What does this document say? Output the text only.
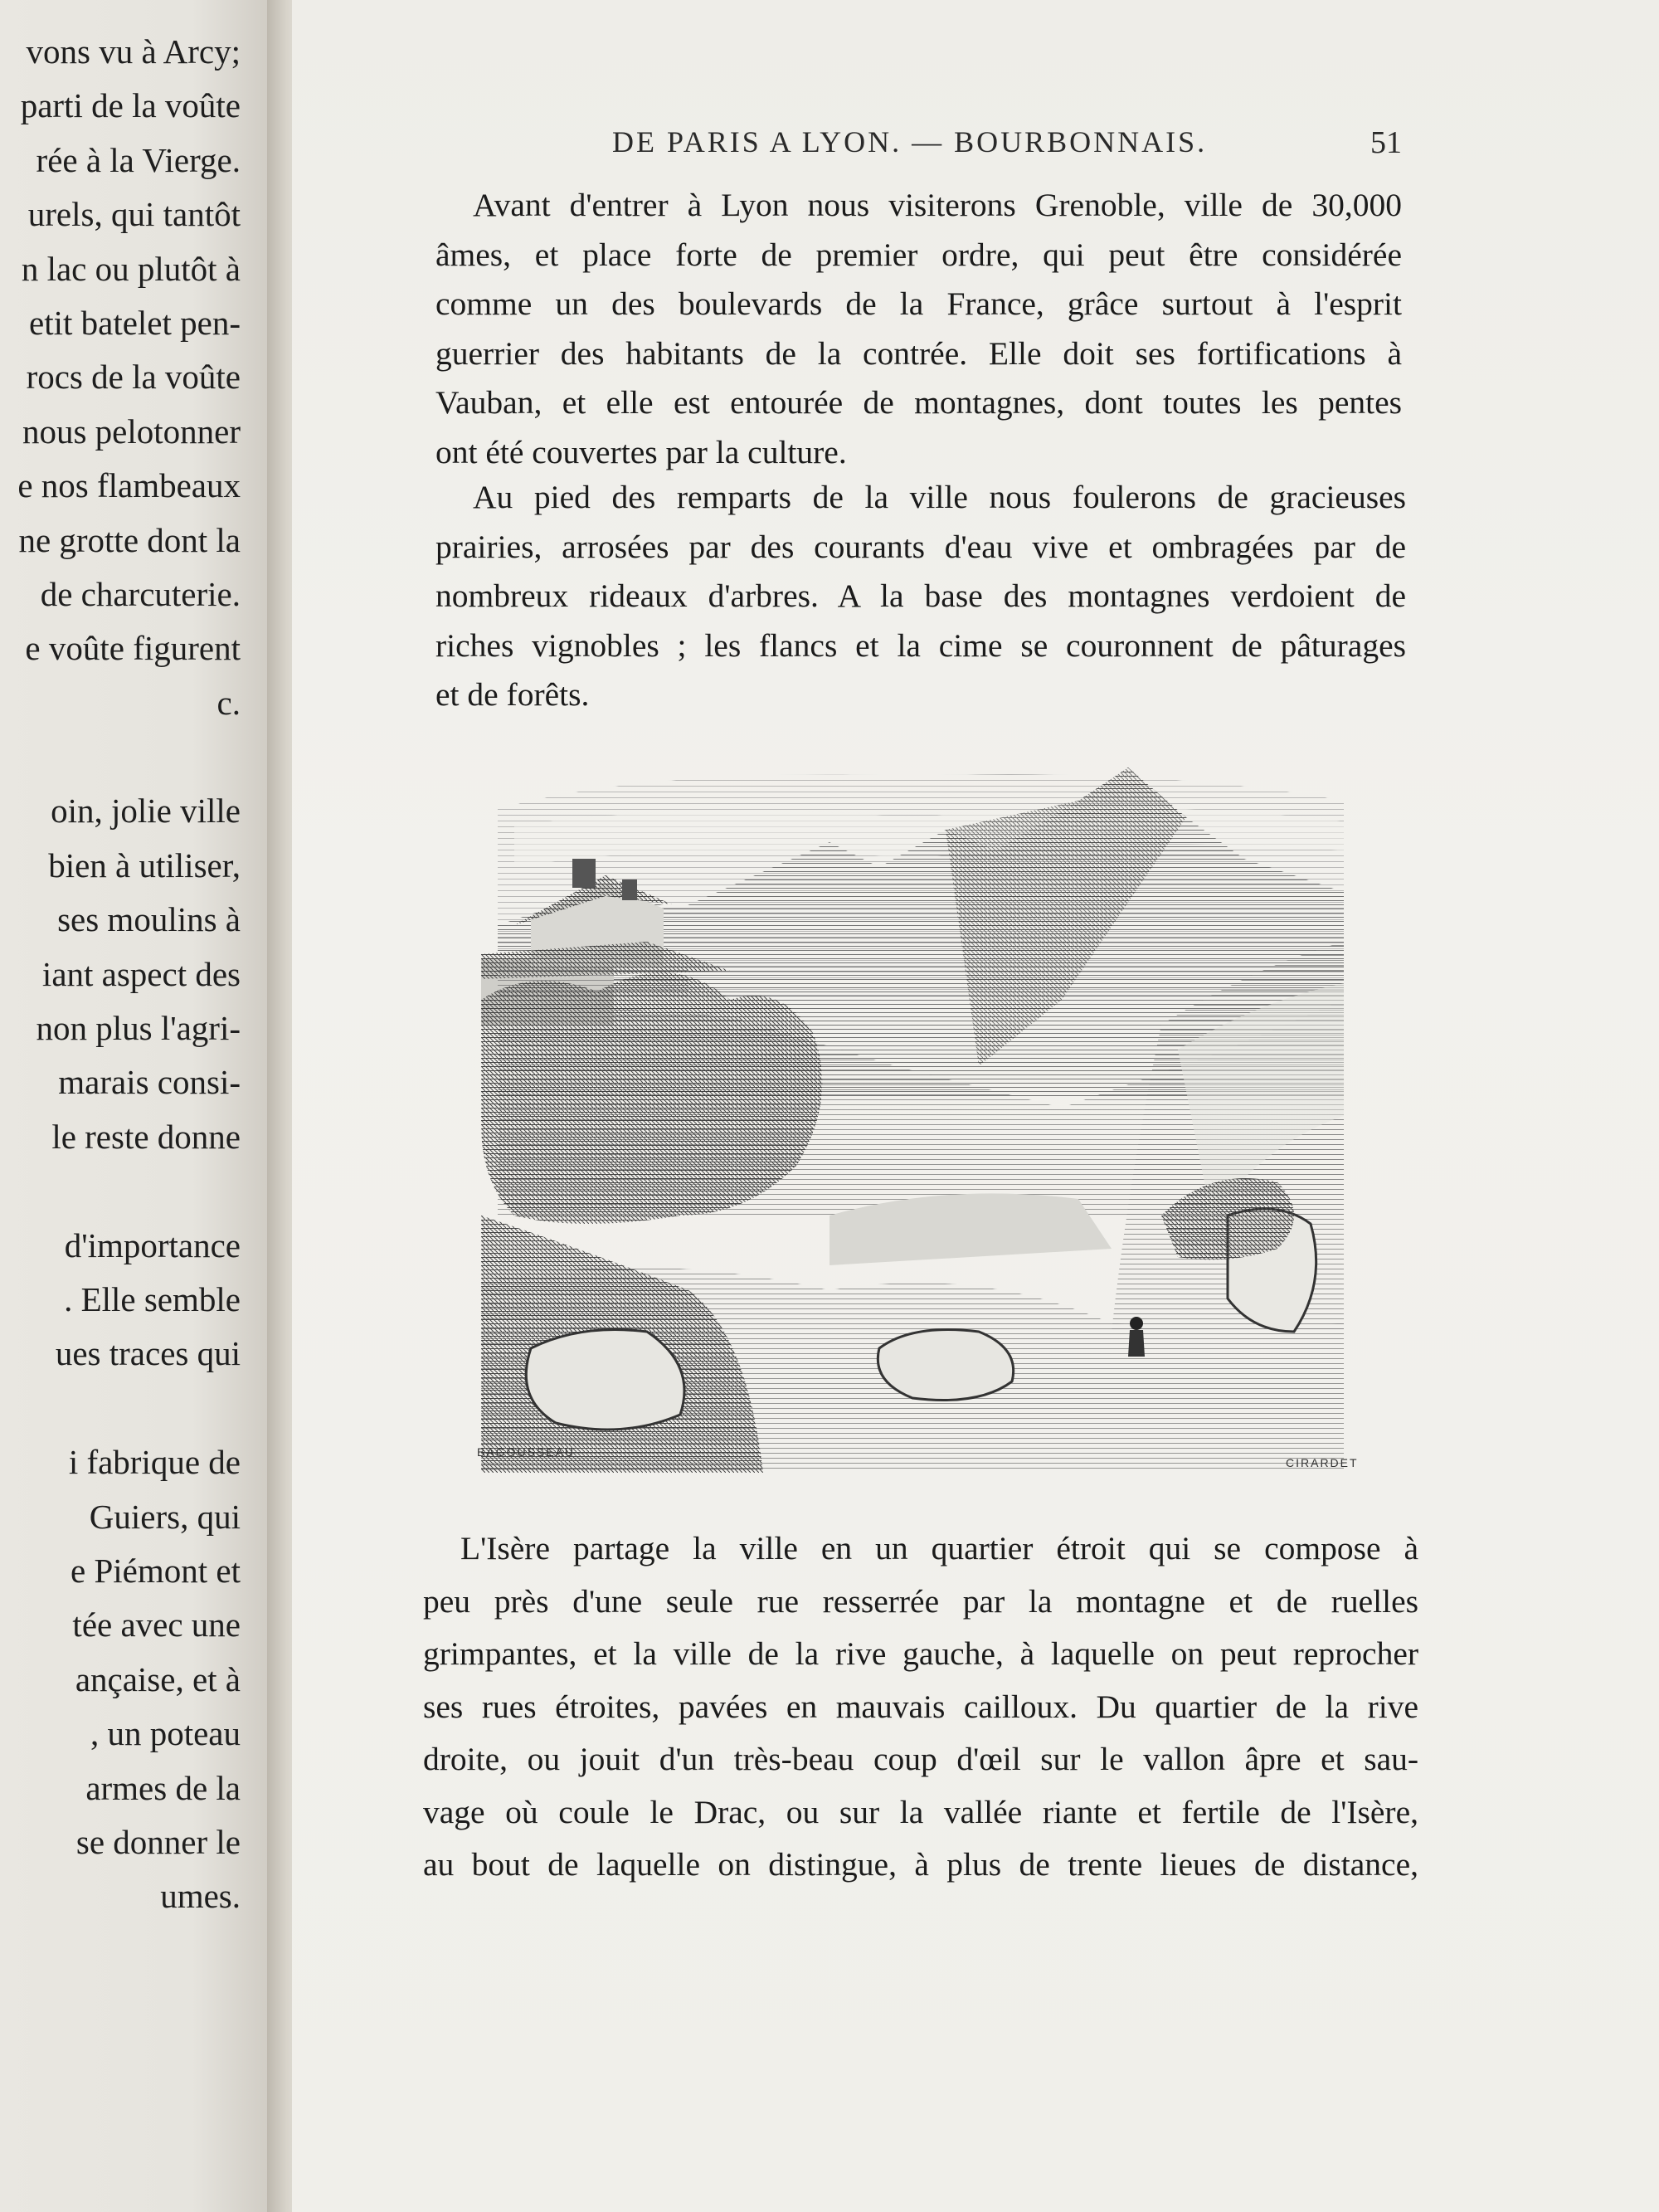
vons vu à Arcy;
parti de la voûte
rée à la Vierge.
urels, qui tantôt
n lac ou plutôt à
etit batelet pen-
rocs de la voûte
nous pelotonner
e nos flambeaux
ne grotte dont la
de charcuterie.
e voûte figurent
c.
oin, jolie ville
bien à utiliser,
ses moulins à
iant aspect des
non plus l'agri-
marais consi-
le reste donne
d'importance
. Elle semble
ues traces qui
i fabrique de
Guiers, qui
e Piémont et
tée avec une
ançaise, et à
, un poteau
armes de la
se donner le
umes.
DE PARIS A LYON. — BOURBONNAIS.	51
Avant d'entrer à Lyon nous visiterons Grenoble, ville de 30,000
âmes, et place forte de premier ordre, qui peut être considérée
comme un des boulevards de la France, grâce surtout à l'esprit
guerrier des habitants de la contrée. Elle doit ses fortifications à
Vauban, et elle est entourée de montagnes, dont toutes les pentes
ont été couvertes par la culture.
Au pied des remparts de la ville nous foulerons de gracieuses
prairies, arrosées par des courants d'eau vive et ombragées par de
nombreux rideaux d'arbres. A la base des montagnes verdoient de
riches vignobles ; les flancs et la cime se couronnent de pâturages
et de forêts.
BAGOUSSEAU
CIRARDET
L'Isère partage la ville en un quartier étroit qui se compose à
peu près d'une seule rue resserrée par la montagne et de ruelles
grimpantes, et la ville de la rive gauche, à laquelle on peut reprocher
ses rues étroites, pavées en mauvais cailloux. Du quartier de la rive
droite, ou jouit d'un très-beau coup d'œil sur le vallon âpre et sau-
vage où coule le Drac, ou sur la vallée riante et fertile de l'Isère,
au bout de laquelle on distingue, à plus de trente lieues de distance,
